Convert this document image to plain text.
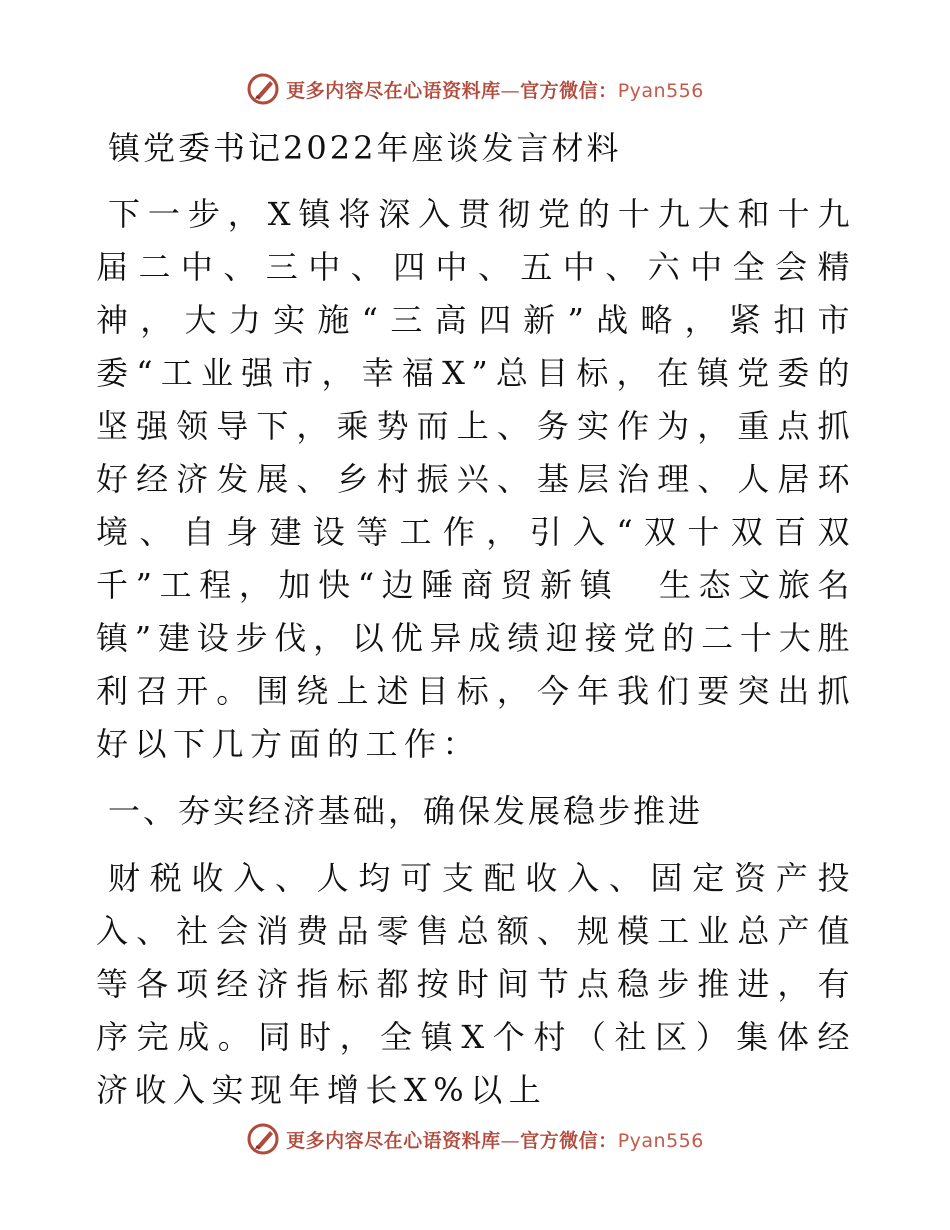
更多内容尽在心语资料库—官方微信：Pyan556
镇党委书记2022年座谈发言材料

下一步，X镇将深入贯彻党的十九大和十九届二中、三中、四中、五中、六中全会精神，大力实施“三高四新”战略，紧扣市委“工业强市，幸福X”总目标，在镇党委的坚强领导下，乘势而上、务实作为，重点抓好经济发展、乡村振兴、基层治理、人居环境、自身建设等工作，引入“双十双百双千”工程，加快“边陲商贸新镇　生态文旅名镇”建设步伐，以优异成绩迎接党的二十大胜利召开。围绕上述目标，今年我们要突出抓好以下几方面的工作：

一、夯实经济基础，确保发展稳步推进

财税收入、人均可支配收入、固定资产投入、社会消费品零售总额、规模工业总产值等各项经济指标都按时间节点稳步推进，有序完成。同时，全镇X个村（社区）集体经济收入实现年增长X%以上

更多内容尽在心语资料库—官方微信：Pyan556
